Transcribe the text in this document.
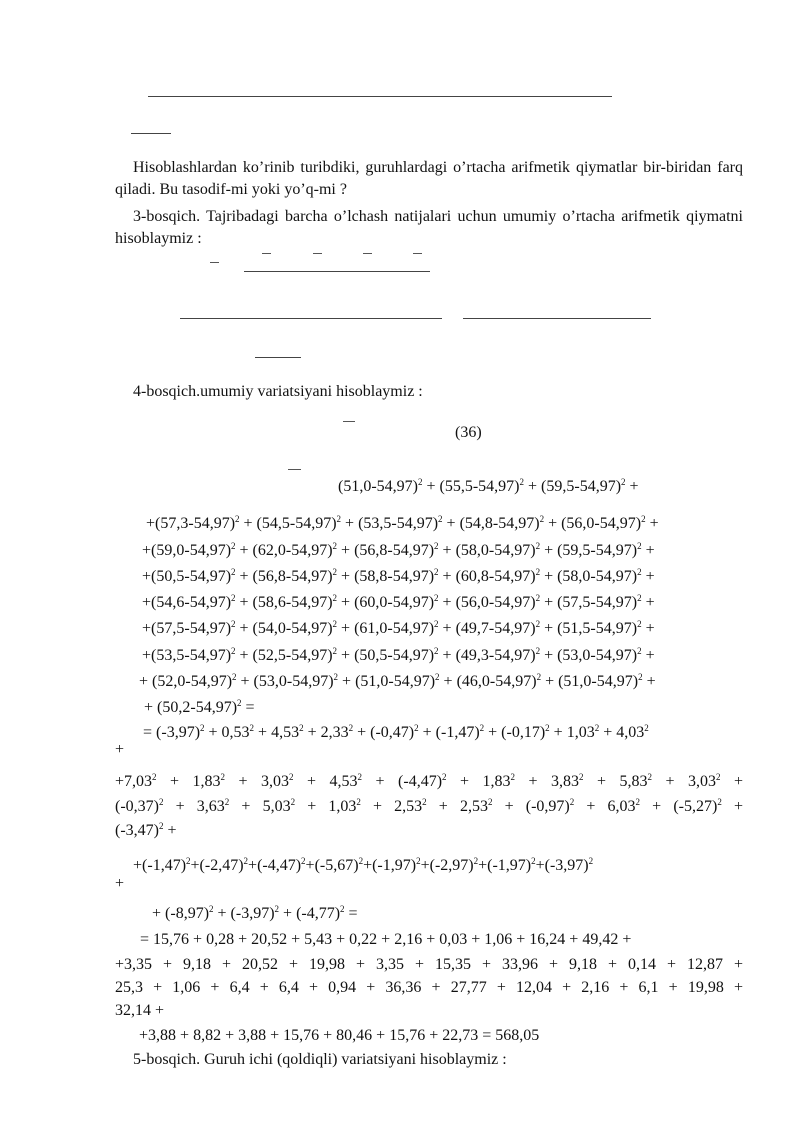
Hisoblashlardan ko’rinib turibdiki, guruhlardagi o’rtacha arifmetik qiymatlar bir-biridan farq qiladi. Bu tasodif-mi yoki yo’q-mi ?
3-bosqich. Tajribadagi barcha o’lchash natijalari uchun umumiy o’rtacha arifmetik qiymatni hisoblaymiz :
4-bosqich.umumiy variatsiyani hisoblaymiz :
(36)
$(51,0-54,97)^2 + (55,5-54,97)^2 + (59,5-54,97)^2$ +
$+(57,3-54,97)^2 + (54,5-54,97)^2 + (53,5-54,97)^2 + (54,8-54,97)^2 + (56,0-54,97)^2$ +
$+(59,0-54,97)^2 + (62,0-54,97)^2 + (56,8-54,97)^2 + (58,0-54,97)^2 + (59,5-54,97)^2$ +
$+(50,5-54,97)^2 + (56,8-54,97)^2 + (58,8-54,97)^2 + (60,8-54,97)^2 + (58,0-54,97)^2$ +
$+(54,6-54,97)^2 + (58,6-54,97)^2 + (60,0-54,97)^2 + (56,0-54,97)^2 + (57,5-54,97)^2$ +
$+(57,5-54,97)^2 + (54,0-54,97)^2 + (61,0-54,97)^2 + (49,7-54,97)^2 + (51,5-54,97)^2$ +
$+(53,5-54,97)^2 + (52,5-54,97)^2 + (50,5-54,97)^2 + (49,3-54,97)^2 + (53,0-54,97)^2$ +
+ $(52,0-54,97)^2 + (53,0-54,97)^2 + (51,0-54,97)^2 + (46,0-54,97)^2 + (51,0-54,97)^2$ +
+ $(50,2-54,97)^2$ =
= $(-3,97)^2 + 0,53^2 + 4,53^2 + 2,33^2 + (-0,47)^2 + (-1,47)^2 + (-0,17)^2 + 1,03^2 + 4,03^2$
+
$+7,03^2 + 1,83^2 + 3,03^2 + 4,53^2 + (-4,47)^2 + 1,83^2 + 3,83^2 + 5,83^2 + 3,03^2$ +
$(-0,37)^2 + 3,63^2 + 5,03^2 + 1,03^2 + 2,53^2 + 2,53^2 + (-0,97)^2 + 6,03^2 + (-5,27)^2$ +
$(-3,47)^2$ +
$+(-1,47)^2+(-2,47)^2+(-4,47)^2+(-5,67)^2+(-1,97)^2+(-2,97)^2+(-1,97)^2+(-3,97)^2$
+
+ $(-8,97)^2 + (-3,97)^2 + (-4,77)^2$ =
= 15,76 + 0,28 + 20,52 + 5,43 + 0,22 + 2,16 + 0,03 + 1,06 + 16,24 + 49,42 +
+3,35 + 9,18 + 20,52 + 19,98 + 3,35 + 15,35 + 33,96 + 9,18 + 0,14 + 12,87 +
25,3 + 1,06 + 6,4 + 6,4 + 0,94 + 36,36 + 27,77 + 12,04 + 2,16 + 6,1 + 19,98 +
32,14 +
+3,88 + 8,82 + 3,88 + 15,76 + 80,46 + 15,76 + 22,73 = 568,05
5-bosqich. Guruh ichi (qoldiqli) variatsiyani hisoblaymiz :
